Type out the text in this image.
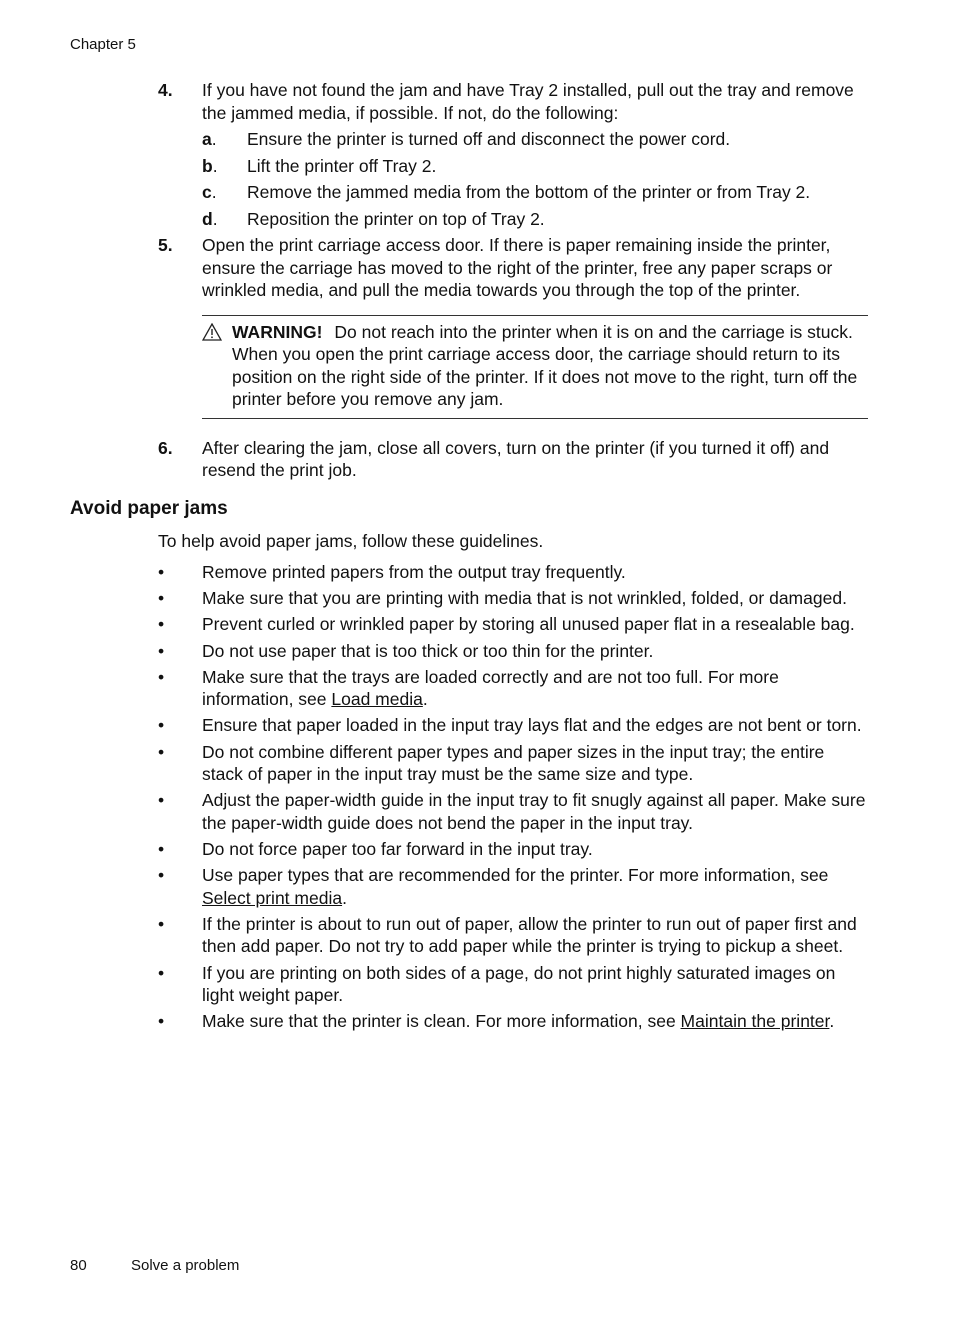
Chapter 5
4.	If you have not found the jam and have Tray 2 installed, pull out the tray and remove the jammed media, if possible. If not, do the following:
a.	Ensure the printer is turned off and disconnect the power cord.
b.	Lift the printer off Tray 2.
c.	Remove the jammed media from the bottom of the printer or from Tray 2.
d.	Reposition the printer on top of Tray 2.
5.	Open the print carriage access door. If there is paper remaining inside the printer, ensure the carriage has moved to the right of the printer, free any paper scraps or wrinkled media, and pull the media towards you through the top of the printer.
WARNING! Do not reach into the printer when it is on and the carriage is stuck. When you open the print carriage access door, the carriage should return to its position on the right side of the printer. If it does not move to the right, turn off the printer before you remove any jam.
6.	After clearing the jam, close all covers, turn on the printer (if you turned it off) and resend the print job.
Avoid paper jams
To help avoid paper jams, follow these guidelines.
•	Remove printed papers from the output tray frequently.
•	Make sure that you are printing with media that is not wrinkled, folded, or damaged.
•	Prevent curled or wrinkled paper by storing all unused paper flat in a resealable bag.
•	Do not use paper that is too thick or too thin for the printer.
•	Make sure that the trays are loaded correctly and are not too full. For more information, see Load media.
•	Ensure that paper loaded in the input tray lays flat and the edges are not bent or torn.
•	Do not combine different paper types and paper sizes in the input tray; the entire stack of paper in the input tray must be the same size and type.
•	Adjust the paper-width guide in the input tray to fit snugly against all paper. Make sure the paper-width guide does not bend the paper in the input tray.
•	Do not force paper too far forward in the input tray.
•	Use paper types that are recommended for the printer. For more information, see Select print media.
•	If the printer is about to run out of paper, allow the printer to run out of paper first and then add paper. Do not try to add paper while the printer is trying to pickup a sheet.
•	If you are printing on both sides of a page, do not print highly saturated images on light weight paper.
•	Make sure that the printer is clean. For more information, see Maintain the printer.
80	Solve a problem
